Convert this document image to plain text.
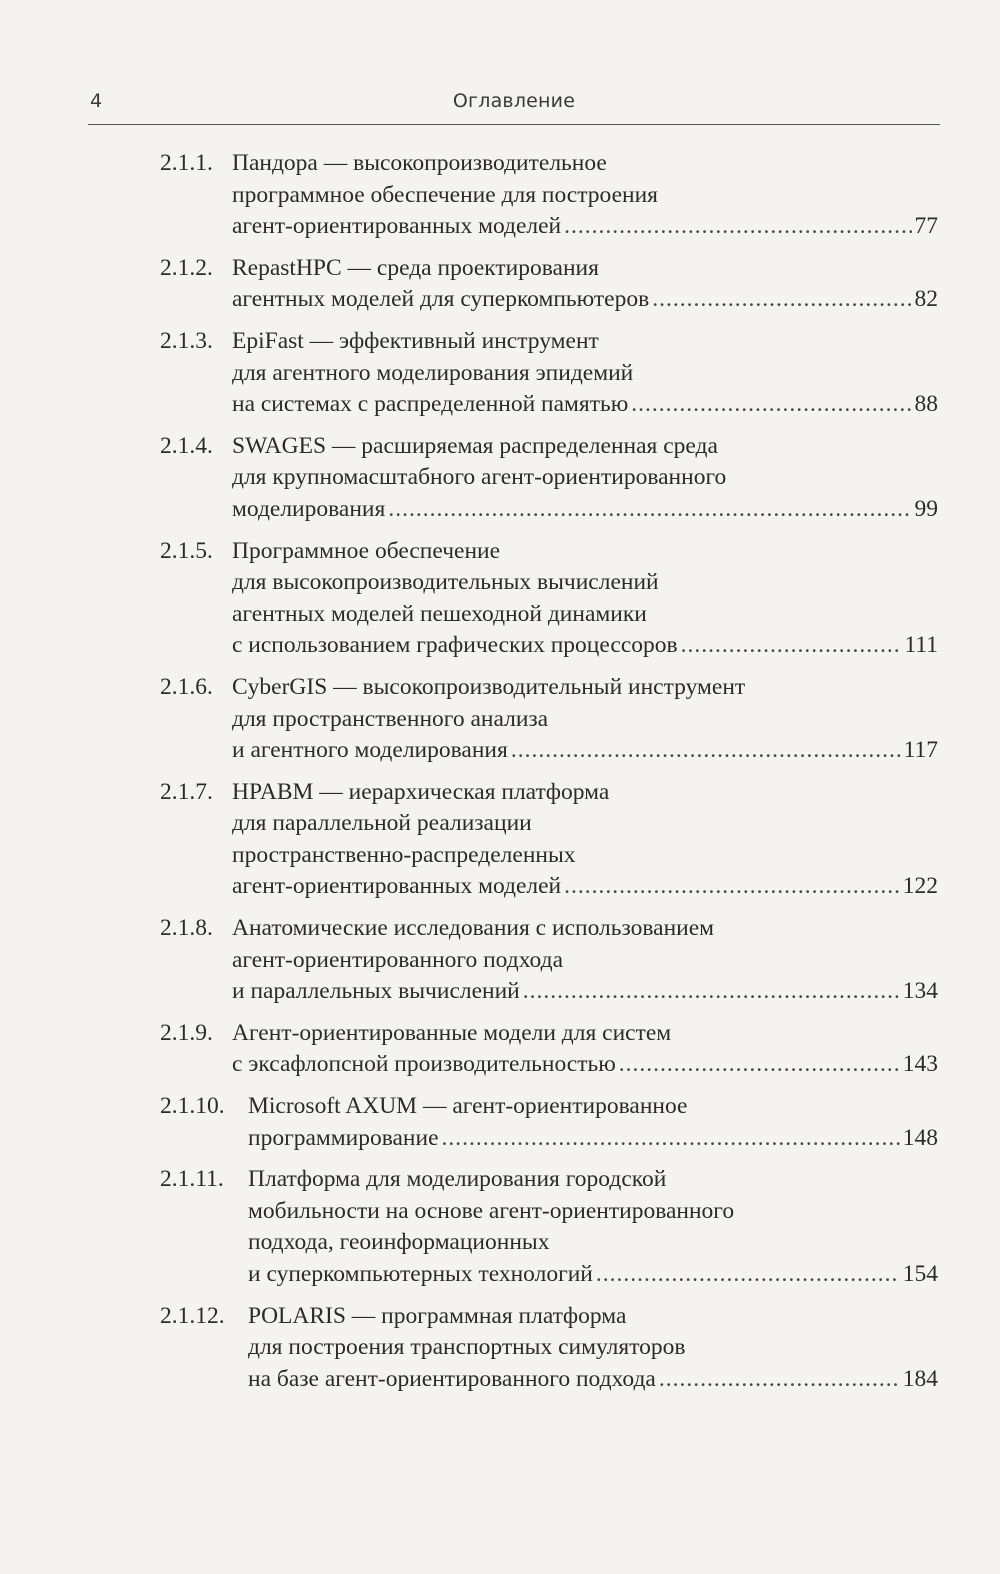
4	Оглавление
2.1.1. Пандора — высокопроизводительное
программное обеспечение для построения
агент-ориентированных моделей .....	77
2.1.2. RepastHPC — среда проектирования
агентных моделей для суперкомпьютеров .....	82
2.1.3. EpiFast — эффективный инструмент
для агентного моделирования эпидемий
на системах с распределенной памятью .....	88
2.1.4. SWAGES — расширяемая распределенная среда
для крупномасштабного агент-ориентированного
моделирования .....	99
2.1.5. Программное обеспечение
для высокопроизводительных вычислений
агентных моделей пешеходной динамики
с использованием графических процессоров .....	111
2.1.6. CyberGIS — высокопроизводительный инструмент
для пространственного анализа
и агентного моделирования .....	117
2.1.7. HPABM — иерархическая платформа
для параллельной реализации
пространственно-распределенных
агент-ориентированных моделей .....	122
2.1.8. Анатомические исследования с использованием
агент-ориентированного подхода
и параллельных вычислений .....	134
2.1.9. Агент-ориентированные модели для систем
с эксафлопсной производительностью .....	143
2.1.10. Microsoft AXUM — агент-ориентированное
программирование .....	148
2.1.11. Платформа для моделирования городской
мобильности на основе агент-ориентированного
подхода, геоинформационных
и суперкомпьютерных технологий .....	154
2.1.12. POLARIS — программная платформа
для построения транспортных симуляторов
на базе агент-ориентированного подхода .....	184
